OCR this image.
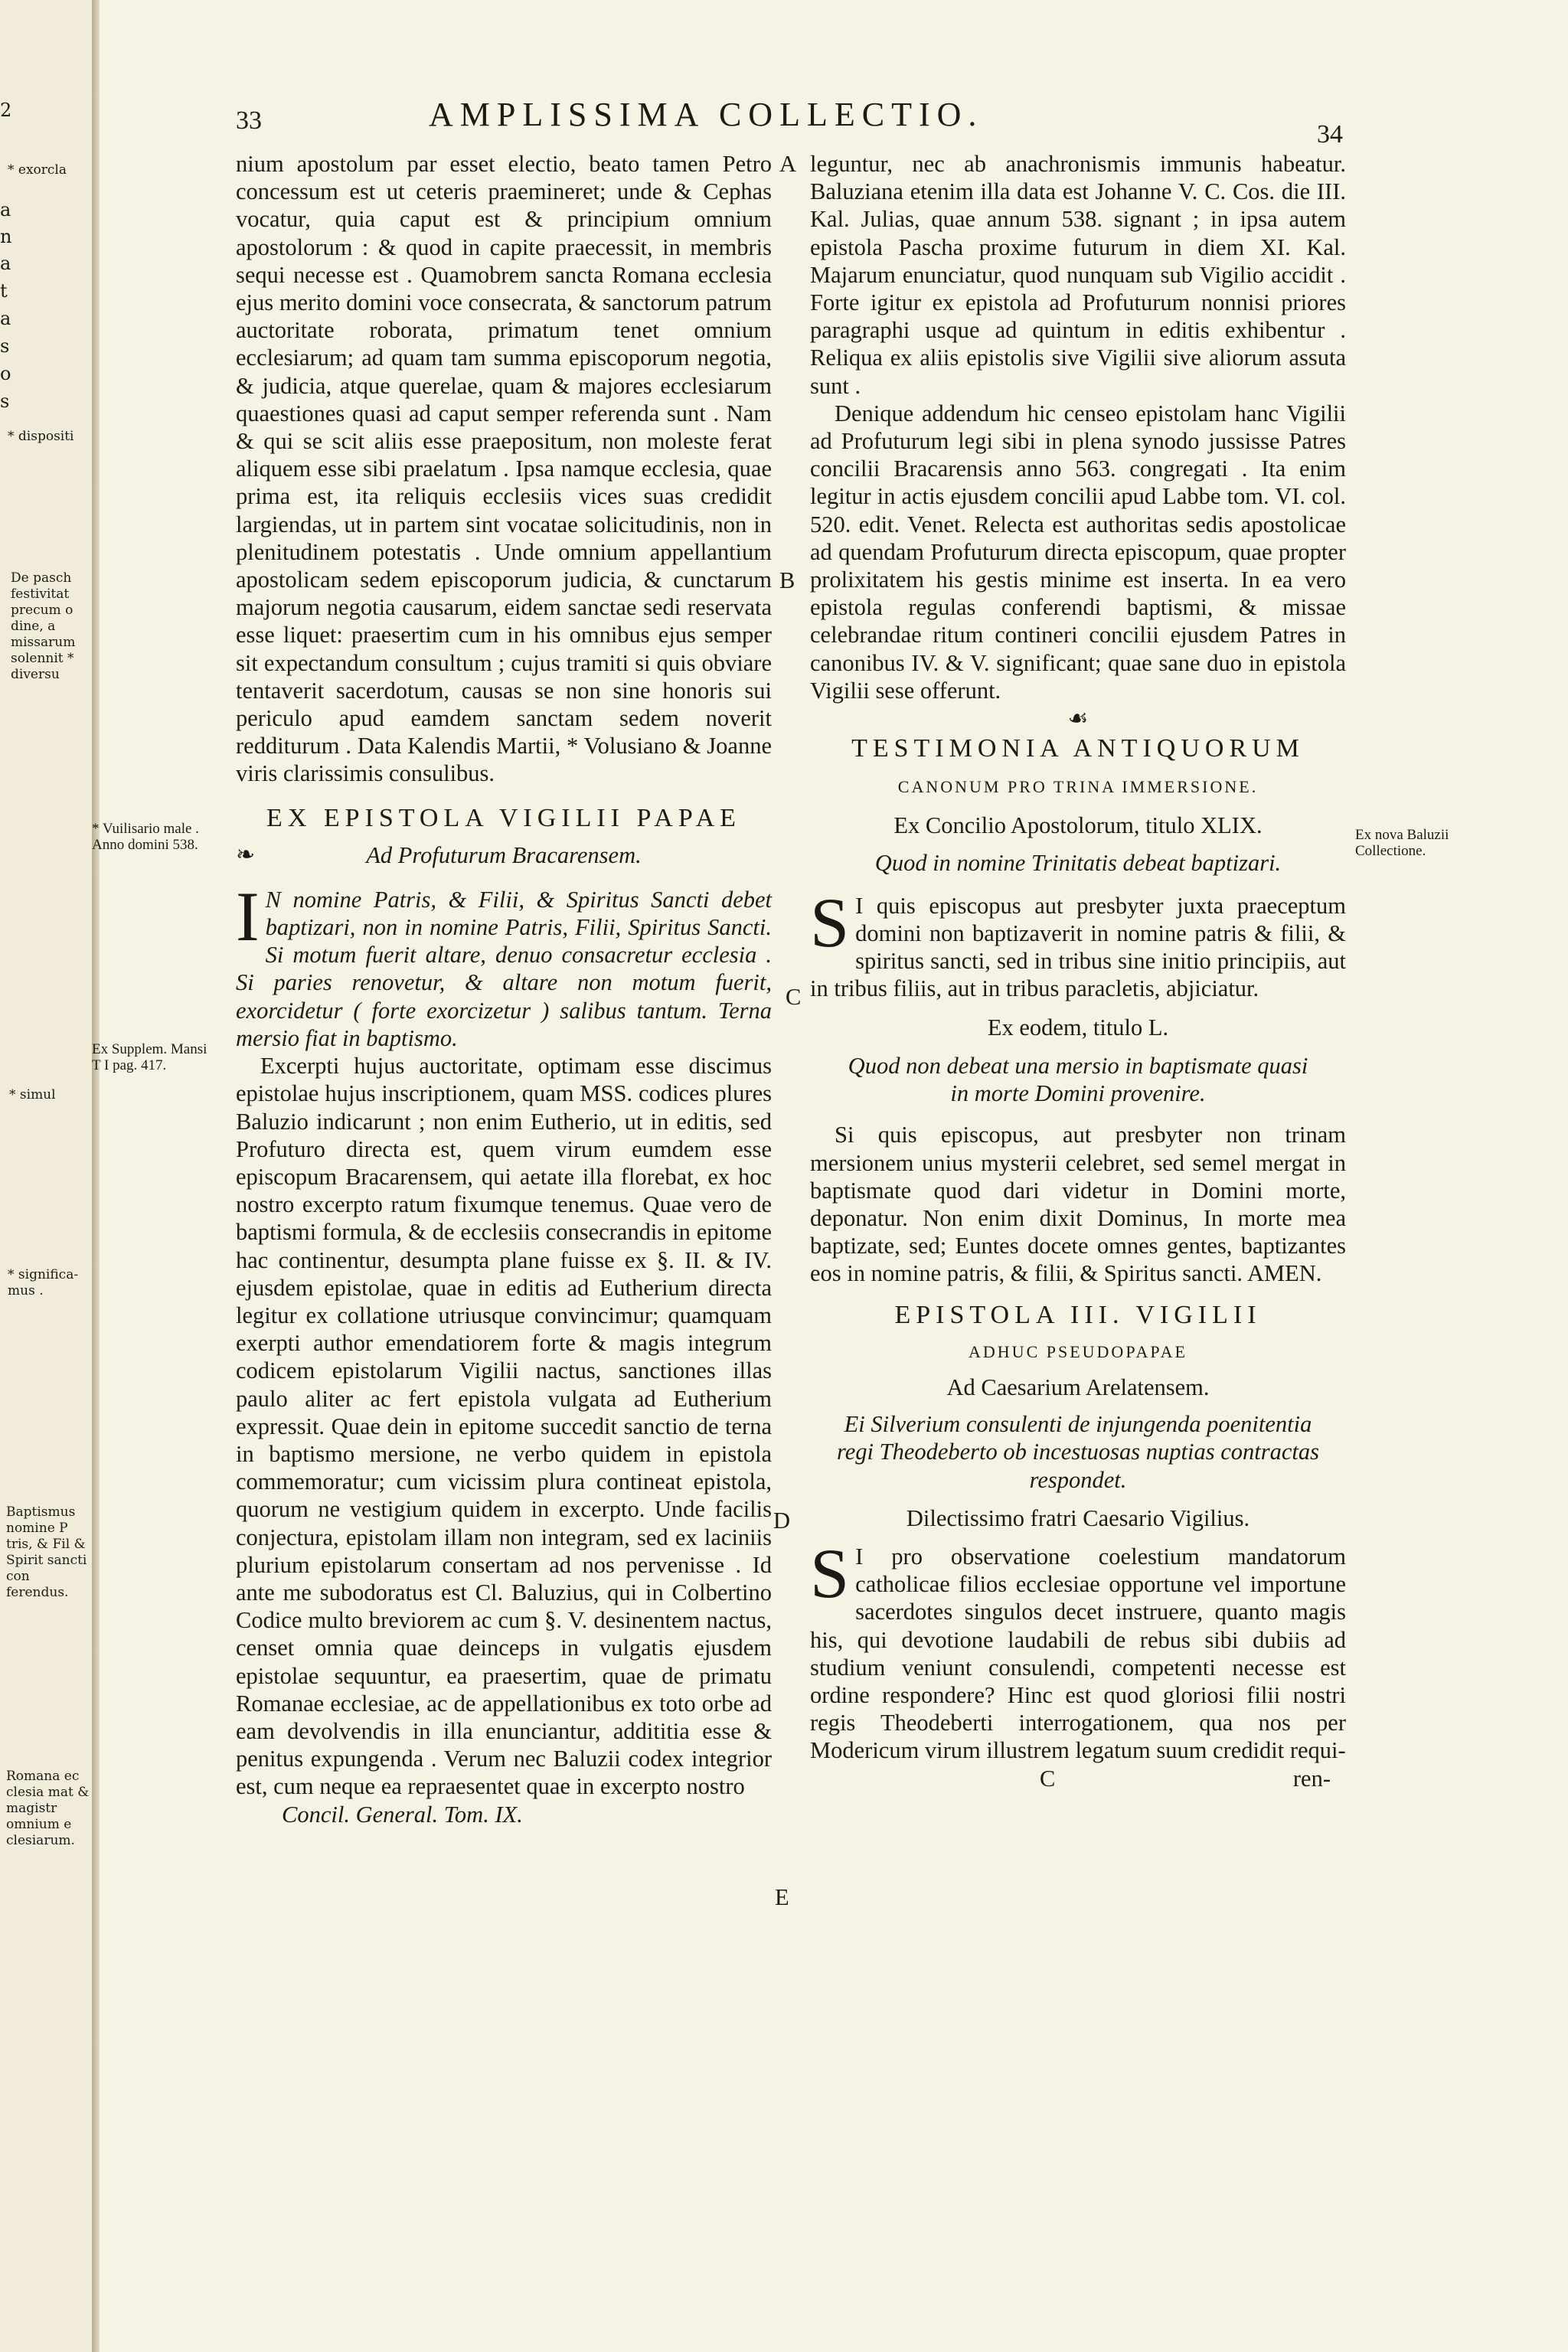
2
a
n
a
t
a
s
o
s
* exorcla
* dispositi
De pasch festivitat precum o dine, a missarum solennit * diversu
* simul
* significa- mus .
Baptismus nomine P tris, & Fil & Spirit sancti con ferendus.
Romana ec clesia mat & magistr omnium e clesiarum.
33	AMPLISSIMA COLLECTIO.
34
A
B
C
D
E
* Vuilisario male . Anno domini 538.
Ex Supplem. Mansi T I pag. 417.
Ex nova Baluzii Collectione.

nium apostolum par esset electio, beato tamen Petro concessum est ut ceteris praemineret; unde & Cephas vocatur, quia caput est & principium omnium apostolorum : & quod in capite praecessit, in membris sequi necesse est . Quamobrem sancta Romana ecclesia ejus merito domini voce consecrata, & sanctorum patrum auctoritate roborata, primatum tenet omnium ecclesiarum; ad quam tam summa episcoporum negotia, & judicia, atque querelae, quam & majores ecclesiarum quaestiones quasi ad caput semper referenda sunt . Nam & qui se scit aliis esse praepositum, non moleste ferat aliquem esse sibi praelatum . Ipsa namque ecclesia, quae prima est, ita reliquis ecclesiis vices suas credidit largiendas, ut in partem sint vocatae solicitudinis, non in plenitudinem potestatis . Unde omnium appellantium apostolicam sedem episcoporum judicia, & cunctarum majorum negotia causarum, eidem sanctae sedi reservata esse liquet: praesertim cum in his omnibus ejus semper sit expectandum consultum ; cujus tramiti si quis obviare tentaverit sacerdotum, causas se non sine honoris sui periculo apud eamdem sanctam sedem noverit redditurum . Data Kalendis Martii, * Volusiano & Joanne viris clarissimis consulibus.

EX EPISTOLA VIGILII PAPAE
❧	Ad Profuturum Bracarensem.
I N nomine Patris, & Filii, & Spiritus Sancti debet baptizari, non in nomine Patris, Filii, Spiritus Sancti. Si motum fuerit altare, denuo consacretur ecclesia . Si paries renovetur, & altare non motum fuerit, exorcidetur ( forte exorcizetur ) salibus tantum. Terna mersio fiat in baptismo.

Excerpti hujus auctoritate, optimam esse discimus epistolae hujus inscriptionem, quam MSS. codices plures Baluzio indicarunt ; non enim Eutherio, ut in editis, sed Profuturo directa est, quem virum eumdem esse episcopum Bracarensem, qui aetate illa florebat, ex hoc nostro excerpto ratum fixumque tenemus. Quae vero de baptismi formula, & de ecclesiis consecrandis in epitome hac continentur, desumpta plane fuisse ex §. II. & IV. ejusdem epistolae, quae in editis ad Eutherium directa legitur ex collatione utriusque convincimur; quamquam exerpti author emendatiorem forte & magis integrum codicem epistolarum Vigilii nactus, sanctiones illas paulo aliter ac fert epistola vulgata ad Eutherium expressit. Quae dein in epitome succedit sanctio de terna in baptismo mersione, ne verbo quidem in epistola commemoratur; cum vicissim plura contineat epistola, quorum ne vestigium quidem in excerpto. Unde facilis conjectura, epistolam illam non integram, sed ex laciniis plurium epistolarum consertam ad nos pervenisse . Id ante me subodoratus est Cl. Baluzius, qui in Colbertino Codice multo breviorem ac cum §. V. desinentem nactus, censet omnia quae deinceps in vulgatis ejusdem epistolae sequuntur, ea praesertim, quae de primatu Romanae ecclesiae, ac de appellationibus ex toto orbe ad eam devolvendis in illa enunciantur, addititia esse & penitus expungenda . Verum nec Baluzii codex integrior est, cum neque ea repraesentet quae in excerpto nostro

Concil. General. Tom. IX.

leguntur, nec ab anachronismis immunis habeatur. Baluziana etenim illa data est Johanne V. C. Cos. die III. Kal. Julias, quae annum 538. signant ; in ipsa autem epistola Pascha proxime futurum in diem XI. Kal. Majarum enunciatur, quod nunquam sub Vigilio accidit . Forte igitur ex epistola ad Profuturum nonnisi priores paragraphi usque ad quintum in editis exhibentur . Reliqua ex aliis epistolis sive Vigilii sive aliorum assuta sunt .

Denique addendum hic censeo epistolam hanc Vigilii ad Profuturum legi sibi in plena synodo jussisse Patres concilii Bracarensis anno 563. congregati . Ita enim legitur in actis ejusdem concilii apud Labbe tom. VI. col. 520. edit. Venet. Relecta est authoritas sedis apostolicae ad quendam Profuturum directa episcopum, quae propter prolixitatem his gestis minime est inserta. In ea vero epistola regulas conferendi baptismi, & missae celebrandae ritum contineri concilii ejusdem Patres in canonibus IV. & V. significant; quae sane duo in epistola Vigilii sese offerunt.

☙
TESTIMONIA ANTIQUORUM
CANONUM PRO TRINA IMMERSIONE.
Ex Concilio Apostolorum, titulo XLIX.
Quod in nomine Trinitatis debeat baptizari.
S I quis episcopus aut presbyter juxta praeceptum domini non baptizaverit in nomine patris & filii, & spiritus sancti, sed in tribus sine initio principiis, aut in tribus filiis, aut in tribus paracletis, abjiciatur.

Ex eodem, titulo L.
Quod non debeat una mersio in baptismate quasi in morte Domini provenire.

Si quis episcopus, aut presbyter non trinam mersionem unius mysterii celebret, sed semel mergat in baptismate quod dari videtur in Domini morte, deponatur. Non enim dixit Dominus, In morte mea baptizate, sed; Euntes docete omnes gentes, baptizantes eos in nomine patris, & filii, & Spiritus sancti. AMEN.

EPISTOLA III. VIGILII
ADHUC PSEUDOPAPAE
Ad Caesarium Arelatensem.
Ei Silverium consulenti de injungenda poenitentia regi Theodeberto ob incestuosas nuptias contractas respondet.
Dilectissimo fratri Caesario Vigilius.
S I pro observatione coelestium mandatorum catholicae filios ecclesiae opportune vel importune sacerdotes singulos decet instruere, quanto magis his, qui devotione laudabili de rebus sibi dubiis ad studium veniunt consulendi, competenti necesse est ordine respondere? Hinc est quod gloriosi filii nostri regis Theodeberti interrogationem, qua nos per Modericum virum illustrem legatum suum credidit requi-

C	ren-
